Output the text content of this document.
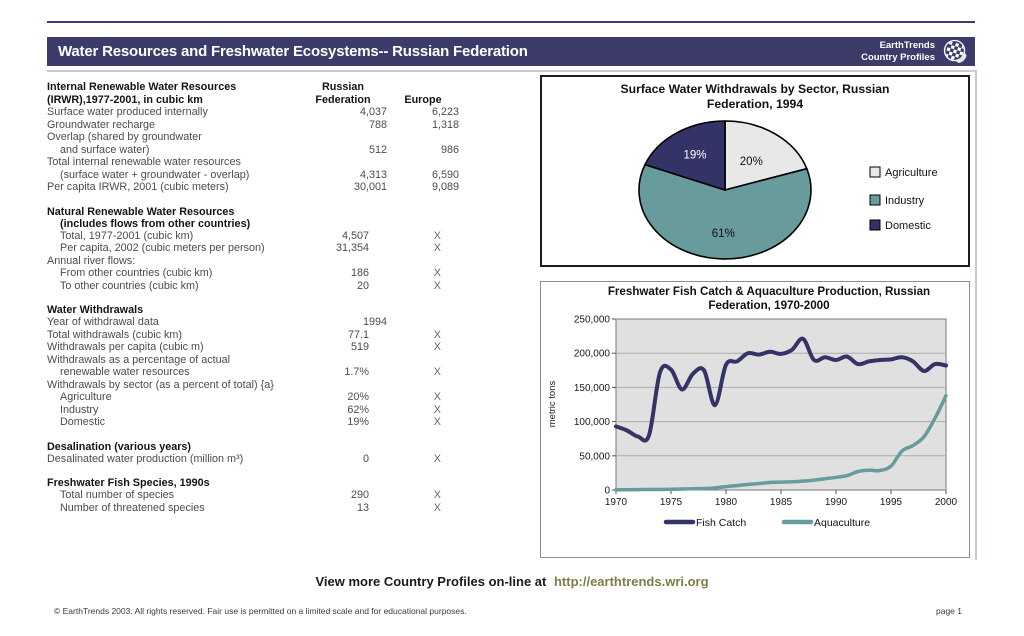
Water Resources and Freshwater Ecosystems-- Russian Federation	EarthTrends
Country Profiles
Internal Renewable Water Resources
(IRWR),1977-2001, in cubic km
Russian
Federation
	Europe
Surface water produced internally	4,037	6,223
Groundwater recharge	788	1,318
Overlap (shared by groundwater
and surface water)	512	986
Total internal renewable water resources
(surface water + groundwater - overlap)	4,313	6,590
Per capita IRWR, 2001 (cubic meters)	30,001	9,089
Natural Renewable Water Resources
(includes flows from other countries)
Total, 1977-2001 (cubic km)	4,507	X
Per capita, 2002 (cubic meters per person)	31,354	X
Annual river flows:
From other countries (cubic km)	186	X
To other countries (cubic km)	20	X
Water Withdrawals
Year of withdrawal data	1994
Total withdrawals (cubic km)	77.1	X
Withdrawals per capita (cubic m)	519	X
Withdrawals as a percentage of actual
renewable water resources	1.7%	X
Withdrawals by sector (as a percent of total) {a}
Agriculture	20%	X
Industry	62%	X
Domestic	19%	X
Desalination (various years)
Desalinated water production (million m³)	0	X
Freshwater Fish Species, 1990s
Total number of species	290	X
Number of threatened species	13	X
Surface Water Withdrawals by Sector, Russian
Federation, 1994
20%
61%
19%
Agriculture
Industry
Domestic
Freshwater Fish Catch & Aquaculture Production, Russian
Federation, 1970-2000
0
50,000
100,000
150,000
200,000
250,000
1970	1975	1980	1985	1990	1995	2000
metric tons
Fish Catch	Aquaculture
View more Country Profiles on-line at http://earthtrends.wri.org
© EarthTrends 2003. All rights reserved. Fair use is permitted on a limited scale and for educational purposes.	page 1
